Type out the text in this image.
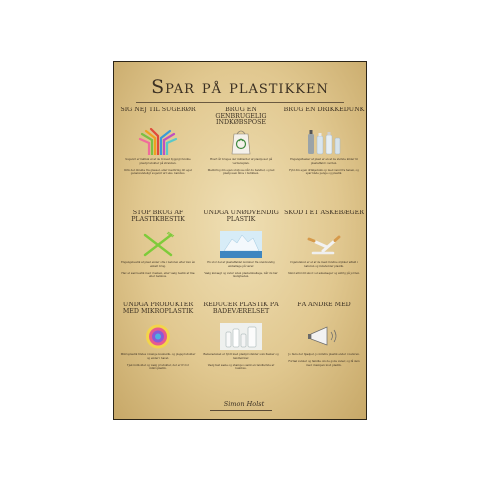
Spar på plastikken
SIG NEJ TIL SUGERØR
Sugerør er faktisk et af de ti mest hyppigt fundne plastprodukter på stranden.

Drik det direkte fra glasset, eller medbring dit eget genanvendeligt sugerør af f.eks. bambus.
BRUG EN GENBRUGELIG INDKØBSPOSE
Hvert år bruges der milliarder af plastposer på verdensplan.

Medbring din egen stofpose når du handler, og lad plastposen blive i butikken.
BRUG EN DRIKKEDUNK
Engangsflasker af plast er en af de største kilder til plastaffald i verden.

Fyld din egen drikkedunk op med vand fra hanen, og spar både penge og plastik.
STOP BRUG AF PLASTIKBESTIK
Engangsbestik af plast ender ofte i naturen efter kun én enkelt brug.

Hav et sæt bestik med i tasken, eller vælg bestik af træ eller bambus.
UNDGÅ UNØDVENDIG PLASTIK
En stor del af plastaffaldet kommer fra unødvendig emballage på varer.

Vælg løsvægt og varer uden plastemballage, når du har muligheden.
SKOD I ET ASKEBÆGER
Cigaretskod er et af de mest fundne stykker affald i naturen og indeholder plastik.

Smid altid dit skod i et askebæger og aldrig på jorden.
UNDGÅ PRODUKTER MED MIKROPLASTIK
Mikroplastik findes i mange kosmetik- og plejeprodukter og ender i havet.

Tjek indholdet og vælg produkter, der er fri for mikroplastik.
REDUCÉR PLASTIK PÅ BADEVÆRELSET
Badeværelset er fyldt med plastprodukter som flasker og tandbørster.

Vælg fast sæbe og shampoo samt en tandbørste af bambus.
FÅ ANDRE MED
Jo flere der hjælper, jo mindre plastik ender i naturen.

Fortæl venner og familie om de gode vaner, og få dem med i kampen mod plastik.
Simon Holst
